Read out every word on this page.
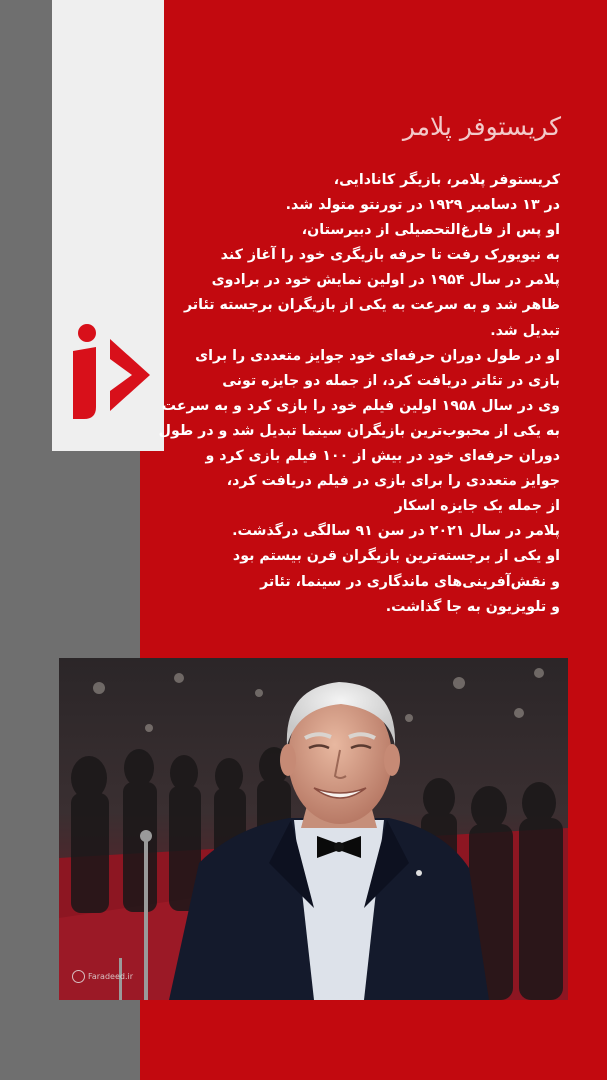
کریستوفر پلامر
کریستوفر پلامر، بازیگر کانادایی،
در ۱۳ دسامبر ۱۹۲۹ در تورنتو متولد شد.
او پس از فارغ‌التحصیلی از دبیرستان،
به نیویورک رفت تا حرفه بازیگری خود را آغاز کند
پلامر در سال ۱۹۵۴ در اولین نمایش خود در برادوی
ظاهر شد و به سرعت به یکی از بازیگران برجسته تئاتر
تبدیل شد.
او در طول دوران حرفه‌ای خود جوایز متعددی را برای
بازی در تئاتر دریافت کرد، از جمله دو جایزه تونی
وی در سال ۱۹۵۸ اولین فیلم خود را بازی کرد و به سرعت
به یکی از محبوب‌ترین بازیگران سینما تبدیل شد و در طول
دوران حرفه‌ای خود در بیش از ۱۰۰ فیلم بازی کرد و
جوایز متعددی را برای بازی در فیلم دریافت کرد،
از جمله یک جایزه اسکار
پلامر در سال ۲۰۲۱ در سن ۹۱ سالگی درگذشت.
او یکی از برجسته‌ترین بازیگران قرن بیستم بود
و نقش‌آفرینی‌های ماندگاری در سینما، تئاتر
و تلویزیون به جا گذاشت.
Faradeed.ir
